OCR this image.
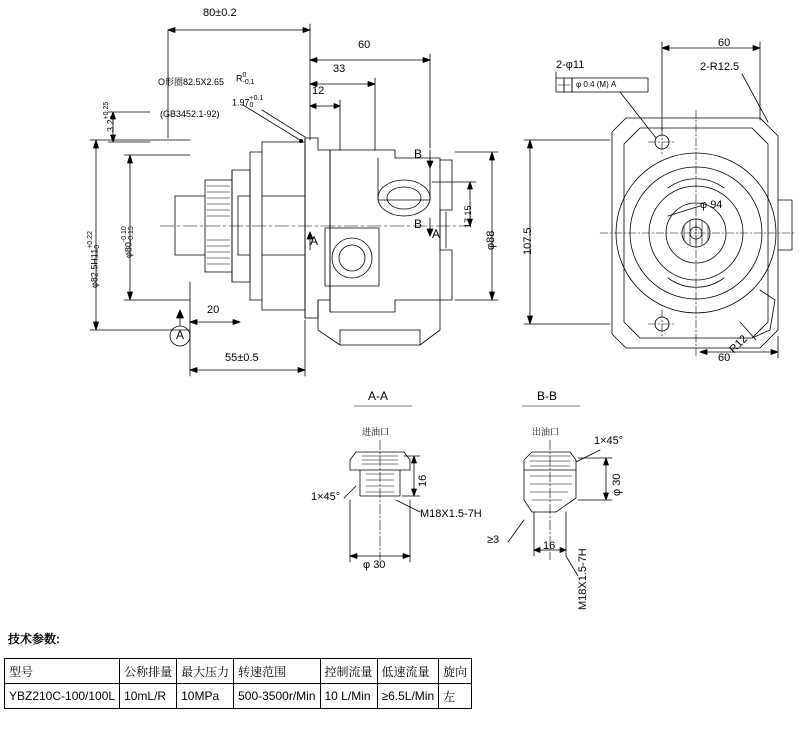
80±0.2
60
33
12
O形圈82.5X2.65
(GB3452.1-92)
R 0
-0.1
1.97 +0.1
0
3.2
+0.25 0
φ82.5H11
+0.22 0 φ80
-0.10 -0.15
A
20
55±0.5
B
B
A	A
17.15
φ88
2-φ11
φ 0.4 (M) A
60
2-R12.5
107.5
φ 94
R12
60
A-A
进油口
1×45°
16
M18X1.5-7H
φ 30
B-B
出油口
1×45°
φ 30
≥3	16
M18X1.5-7H
技术参数:
型号	公称排量	最大压力	转速范围	控制流量	低速流量	旋向
YBZ210C-100/100L	10mL/R	10MPa	500-3500r/Min	10 L/Min	≥6.5L/Min	左
